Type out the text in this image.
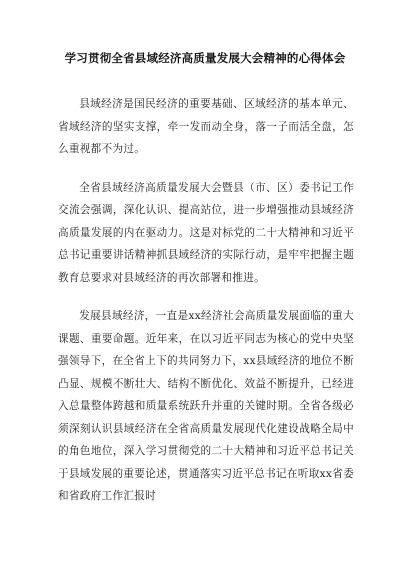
学习贯彻全省县域经济高质量发展大会精神的心得体会

县域经济是国民经济的重要基础、区域经济的基本单元、省域经济的坚实支撑，牵一发而动全身，落一子而活全盘，怎么重视都不为过。

全省县域经济高质量发展大会暨县（市、区）委书记工作交流会强调，深化认识、提高站位，进一步增强推动县域经济高质量发展的内在驱动力。这是对标党的二十大精神和习近平总书记重要讲话精神抓县域经济的实际行动，是牢牢把握主题教育总要求对县域经济的再次部署和推进。

发展县域经济，一直是xx经济社会高质量发展面临的重大课题、重要命题。近年来，在以习近平同志为核心的党中央坚强领导下，在全省上下的共同努力下，xx县域经济的地位不断凸显、规模不断壮大、结构不断优化、效益不断提升，已经进入总量整体跨越和质量系统跃升并重的关键时期。全省各级必须深刻认识县域经济在全省高质量发展现代化建设战略全局中的角色地位，深入学习贯彻党的二十大精神和习近平总书记关于县域发展的重要论述，贯通落实习近平总书记在听取xx省委和省政府工作汇报时
